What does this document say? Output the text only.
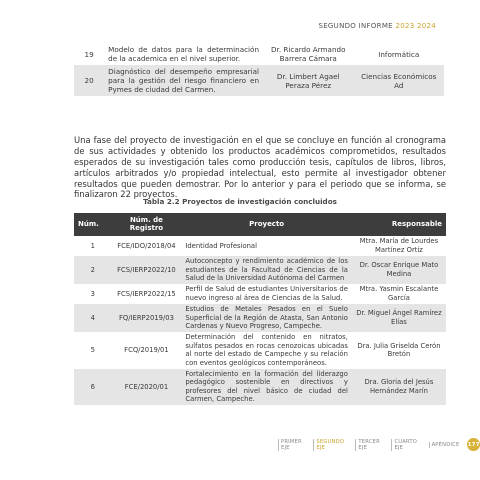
SEGUNDO INFORME 2023 2024
19	Modelo de datos para la determinación de la academica en el nivel superior.	Dr. Ricardo Armando Barrera Cámara	Informática
20	Diagnóstico del desempeño empresarial para la gestión del riesgo financiero en Pymes de ciudad del Carmen.	Dr. Limbert Agael Peraza Pérez	Ciencias Económicos Ad

Una fase del proyecto de investigación en el que se concluye en función al cronograma de sus actividades y obtenido los productos académicos comprometidos, resultados esperados de su investigación tales como producción tesis, capítulos de libros, libros, artículos arbitrados y/o propiedad intelectual, esto permite al investigador obtener resultados que pueden demostrar. Por lo anterior y para el periodo que se informa, se finalizaron 22 proyectos.

Tabla 2.2 Proyectos de investigación concluidos
Núm.	Núm. de Registro	Proyecto	Responsable
1	FCE/IDO/2018/04	Identidad Profesional	Mtra. María de Lourdes Martínez Ortiz
2	FCS/IERP2022/10	Autoconcepto y rendimiento académico de los estudiantes de la Facultad de Ciencias de la Salud de la Universidad Autónoma del Carmen	Dr. Oscar Enrique Mato Medina
3	FCS/IERP2022/15	Perfil de Salud de estudiantes Universitarios de nuevo ingreso al área de Ciencias de la Salud.	Mtra. Yasmin Escalante García
4	FQ/IERP2019/03	Estudios de Metales Pesados en el Suelo Superficial de la Región de Atasta, San Antonio Cardenas y Nuevo Progreso, Campeche.	Dr. Miguel Ángel Ramírez Elías
5	FCQ/2019/01	Determinación del contenido en nitratos, sulfatos pesados en rocas cenozoicas ubicadas al norte del estado de Campeche y su relación con eventos geológicos contemporáneos.	Dra. Julia Griselda Cerón Bretón
6	FCE/2020/01	Fortalecimiento en la formación del liderazgo pedagógico sostenible en directivos y profesores del nivel básico de ciudad del Carmen, Campeche.	Dra. Gloria del Jesús Hernández Marín
PRIMER EJE
SEGUNDO EJE
TERCER EJE
CUARTO EJE	APÉNDICE	177
